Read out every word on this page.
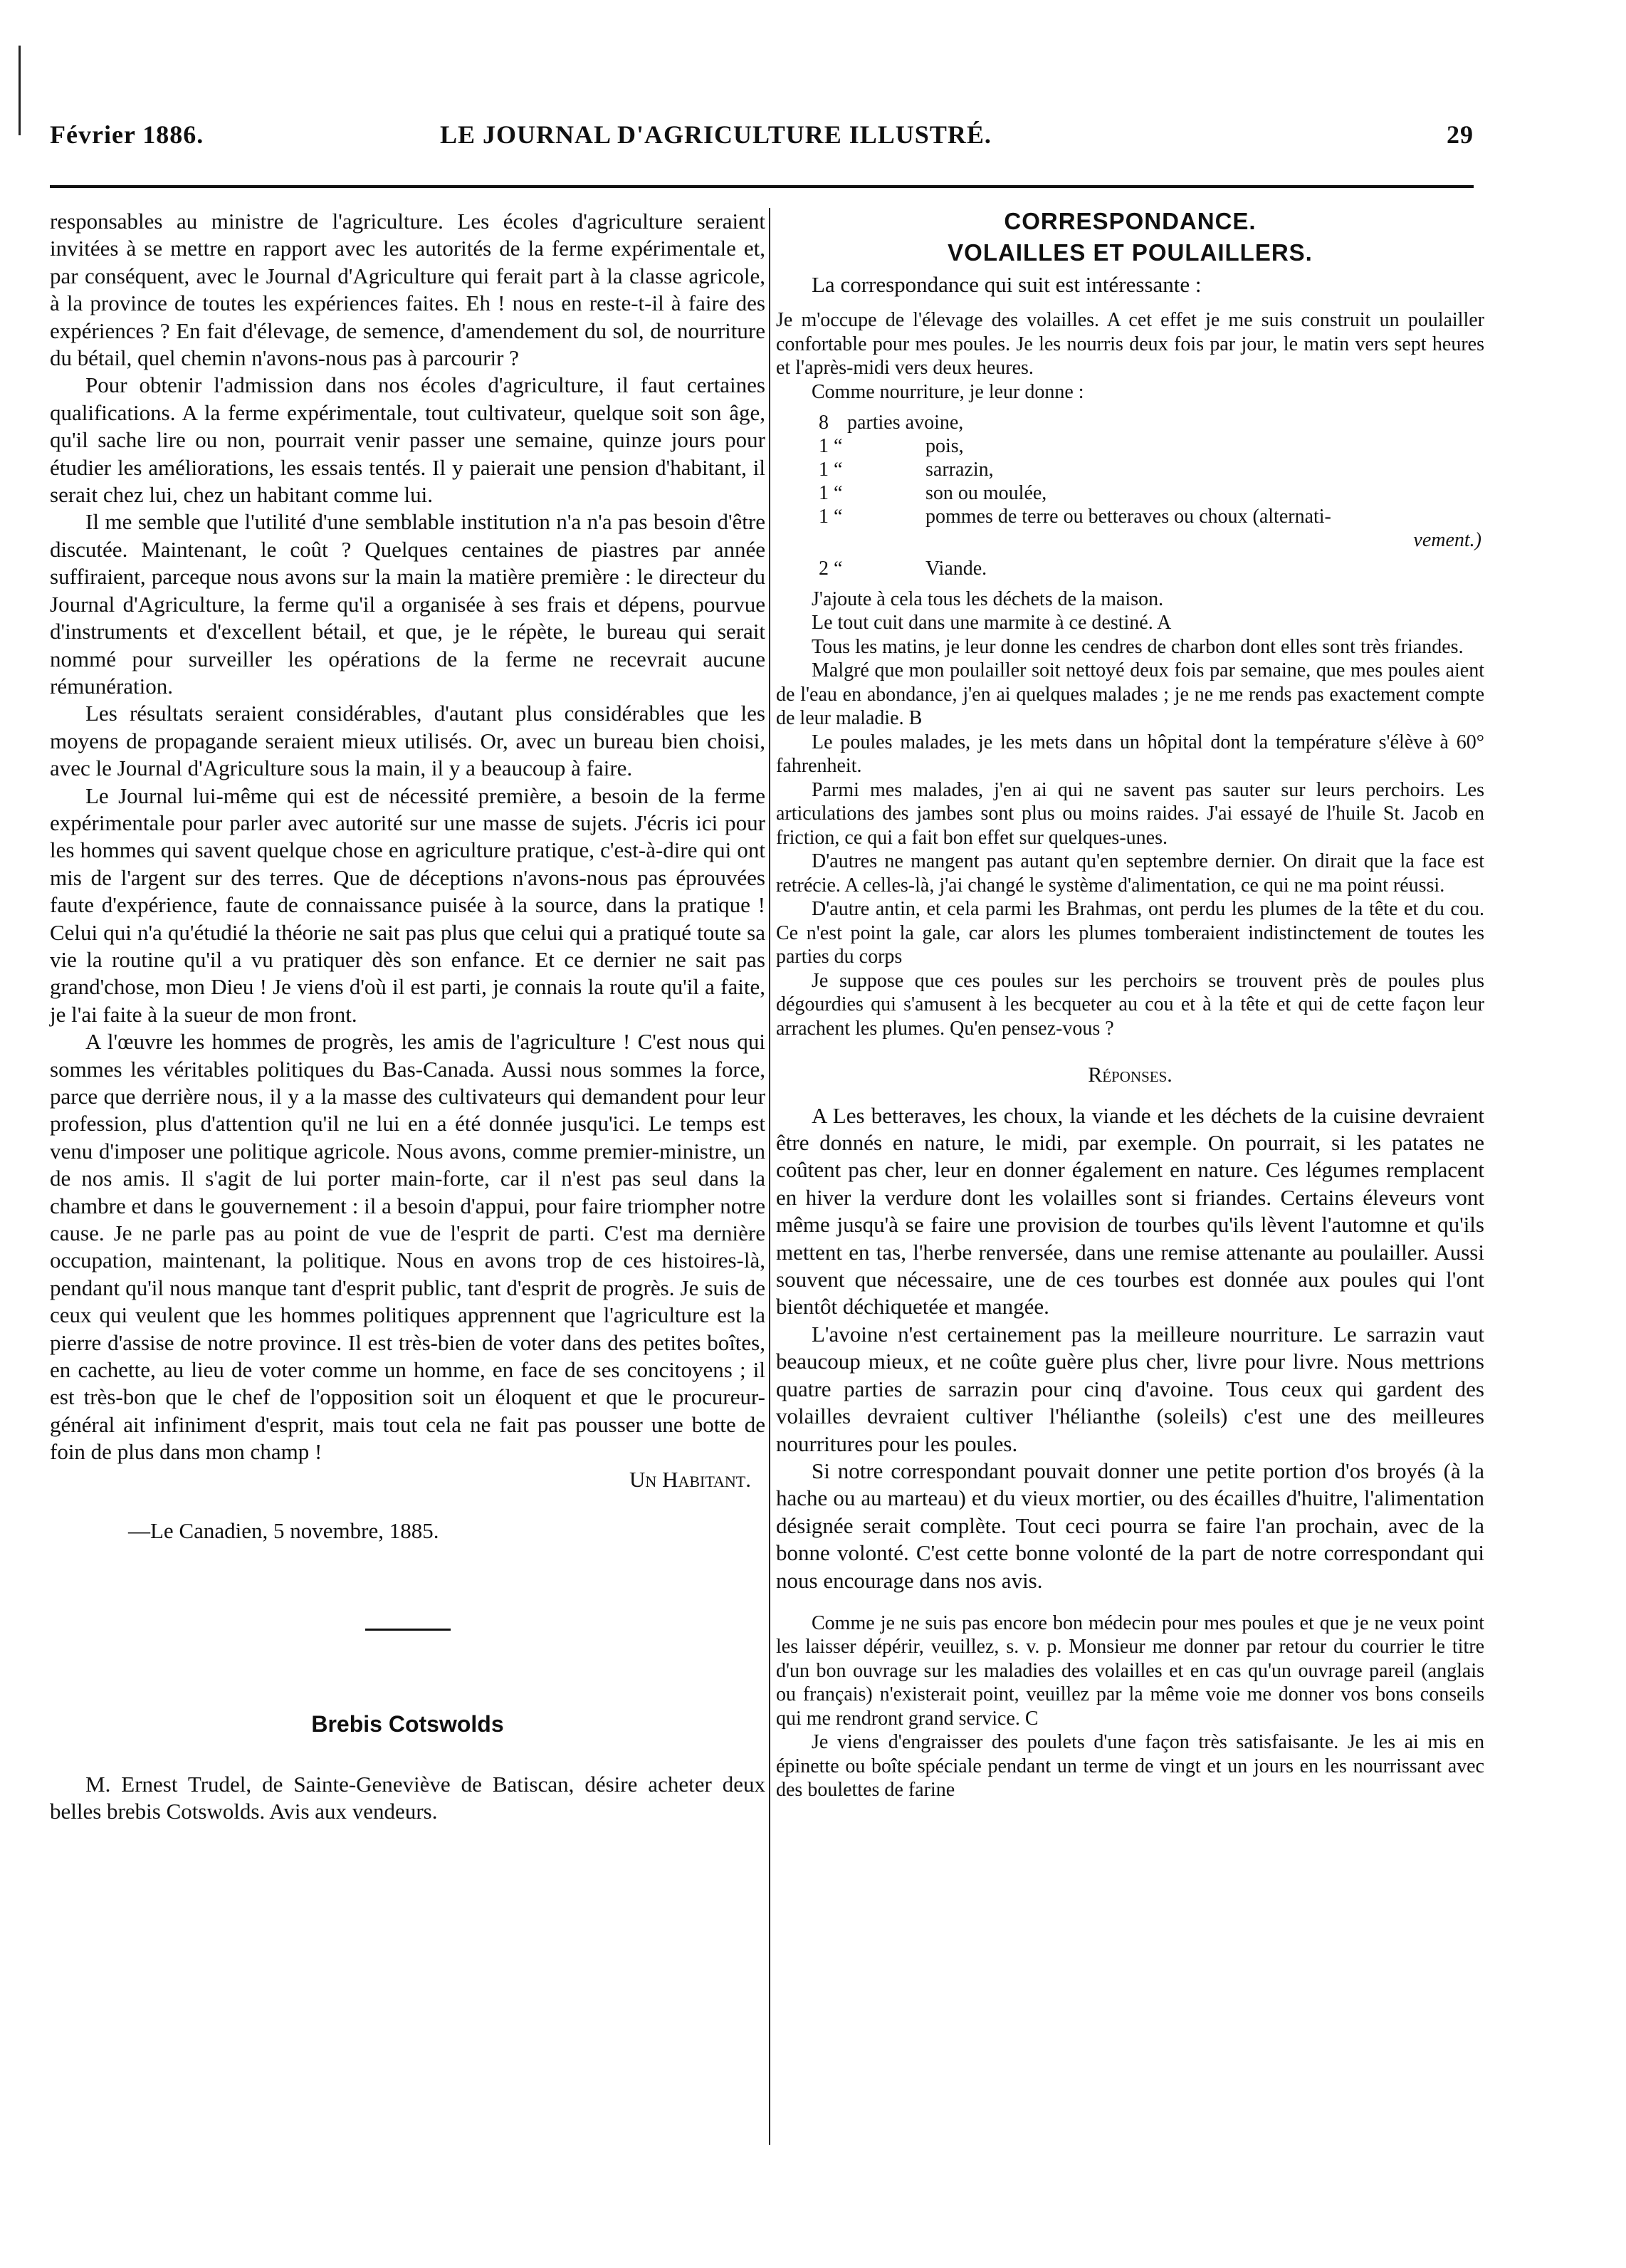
Février 1886.	LE JOURNAL D'AGRICULTURE ILLUSTRÉ.	29

responsables au ministre de l'agriculture. Les écoles d'agriculture seraient invitées à se mettre en rapport avec les autorités de la ferme expérimentale et, par conséquent, avec le Journal d'Agriculture qui ferait part à la classe agricole, à la province de toutes les expériences faites. Eh ! nous en reste-t-il à faire des expériences ? En fait d'élevage, de semence, d'amendement du sol, de nourriture du bétail, quel chemin n'avons-nous pas à parcourir ?

Pour obtenir l'admission dans nos écoles d'agriculture, il faut certaines qualifications. A la ferme expérimentale, tout cultivateur, quelque soit son âge, qu'il sache lire ou non, pourrait venir passer une semaine, quinze jours pour étudier les améliorations, les essais tentés. Il y paierait une pension d'habitant, il serait chez lui, chez un habitant comme lui.

Il me semble que l'utilité d'une semblable institution n'a n'a pas besoin d'être discutée. Maintenant, le coût ? Quelques centaines de piastres par année suffiraient, parceque nous avons sur la main la matière première : le directeur du Journal d'Agriculture, la ferme qu'il a organisée à ses frais et dépens, pourvue d'instruments et d'excellent bétail, et que, je le répète, le bureau qui serait nommé pour surveiller les opérations de la ferme ne recevrait aucune rémunération.

Les résultats seraient considérables, d'autant plus considérables que les moyens de propagande seraient mieux utilisés. Or, avec un bureau bien choisi, avec le Journal d'Agriculture sous la main, il y a beaucoup à faire.

Le Journal lui-même qui est de nécessité première, a besoin de la ferme expérimentale pour parler avec autorité sur une masse de sujets. J'écris ici pour les hommes qui savent quelque chose en agriculture pratique, c'est-à-dire qui ont mis de l'argent sur des terres. Que de déceptions n'avons-nous pas éprouvées faute d'expérience, faute de connaissance puisée à la source, dans la pratique ! Celui qui n'a qu'étudié la théorie ne sait pas plus que celui qui a pratiqué toute sa vie la routine qu'il a vu pratiquer dès son enfance. Et ce dernier ne sait pas grand'chose, mon Dieu ! Je viens d'où il est parti, je connais la route qu'il a faite, je l'ai faite à la sueur de mon front.

A l'œuvre les hommes de progrès, les amis de l'agriculture ! C'est nous qui sommes les véritables politiques du Bas-Canada. Aussi nous sommes la force, parce que derrière nous, il y a la masse des cultivateurs qui demandent pour leur profession, plus d'attention qu'il ne lui en a été donnée jusqu'ici. Le temps est venu d'imposer une politique agricole. Nous avons, comme premier-ministre, un de nos amis. Il s'agit de lui porter main-forte, car il n'est pas seul dans la chambre et dans le gouvernement : il a besoin d'appui, pour faire triompher notre cause. Je ne parle pas au point de vue de l'esprit de parti. C'est ma dernière occupation, maintenant, la politique. Nous en avons trop de ces histoires-là, pendant qu'il nous manque tant d'esprit public, tant d'esprit de progrès. Je suis de ceux qui veulent que les hommes politiques apprennent que l'agriculture est la pierre d'assise de notre province. Il est très-bien de voter dans des petites boîtes, en cachette, au lieu de voter comme un homme, en face de ses concitoyens ; il est très-bon que le chef de l'opposition soit un éloquent et que le procureur-général ait infiniment d'esprit, mais tout cela ne fait pas pousser une botte de foin de plus dans mon champ !

Un Habitant.

—Le Canadien, 5 novembre, 1885.

Brebis Cotswolds

M. Ernest Trudel, de Sainte-Geneviève de Batiscan, désire acheter deux belles brebis Cotswolds. Avis aux vendeurs.

CORRESPONDANCE.
VOLAILLES ET POULAILLERS.

La correspondance qui suit est intéressante :

Je m'occupe de l'élevage des volailles. A cet effet je me suis construit un poulailler confortable pour mes poules. Je les nourris deux fois par jour, le matin vers sept heures et l'après-midi vers deux heures.

Comme nourriture, je leur donne :

8 parties avoine,
1 “	pois,
1 “	sarrazin,
1 “	son ou moulée,
1 “	pommes de terre ou betteraves ou choux (alternati-
vement.)
2 “	Viande.

J'ajoute à cela tous les déchets de la maison.

Le tout cuit dans une marmite à ce destiné. A

Tous les matins, je leur donne les cendres de charbon dont elles sont très friandes.

Malgré que mon poulailler soit nettoyé deux fois par semaine, que mes poules aient de l'eau en abondance, j'en ai quelques malades ; je ne me rends pas exactement compte de leur maladie. B

Le poules malades, je les mets dans un hôpital dont la température s'élève à 60° fahrenheit.

Parmi mes malades, j'en ai qui ne savent pas sauter sur leurs perchoirs. Les articulations des jambes sont plus ou moins raides. J'ai essayé de l'huile St. Jacob en friction, ce qui a fait bon effet sur quelques-unes.

D'autres ne mangent pas autant qu'en septembre dernier. On dirait que la face est retrécie. A celles-là, j'ai changé le système d'alimentation, ce qui ne ma point réussi.

D'autre antin, et cela parmi les Brahmas, ont perdu les plumes de la tête et du cou. Ce n'est point la gale, car alors les plumes tomberaient indistinctement de toutes les parties du corps

Je suppose que ces poules sur les perchoirs se trouvent près de poules plus dégourdies qui s'amusent à les becqueter au cou et à la tête et qui de cette façon leur arrachent les plumes. Qu'en pensez-vous ?

Réponses.

A Les betteraves, les choux, la viande et les déchets de la cuisine devraient être donnés en nature, le midi, par exemple. On pourrait, si les patates ne coûtent pas cher, leur en donner également en nature. Ces légumes remplacent en hiver la verdure dont les volailles sont si friandes. Certains éleveurs vont même jusqu'à se faire une provision de tourbes qu'ils lèvent l'automne et qu'ils mettent en tas, l'herbe renversée, dans une remise attenante au poulailler. Aussi souvent que nécessaire, une de ces tourbes est donnée aux poules qui l'ont bientôt déchiquetée et mangée.

L'avoine n'est certainement pas la meilleure nourriture. Le sarrazin vaut beaucoup mieux, et ne coûte guère plus cher, livre pour livre. Nous mettrions quatre parties de sarrazin pour cinq d'avoine. Tous ceux qui gardent des volailles devraient cultiver l'hélianthe (soleils) c'est une des meilleures nourritures pour les poules.

Si notre correspondant pouvait donner une petite portion d'os broyés (à la hache ou au marteau) et du vieux mortier, ou des écailles d'huitre, l'alimentation désignée serait complète. Tout ceci pourra se faire l'an prochain, avec de la bonne volonté. C'est cette bonne volonté de la part de notre correspondant qui nous encourage dans nos avis.

Comme je ne suis pas encore bon médecin pour mes poules et que je ne veux point les laisser dépérir, veuillez, s. v. p. Monsieur me donner par retour du courrier le titre d'un bon ouvrage sur les maladies des volailles et en cas qu'un ouvrage pareil (anglais ou français) n'existerait point, veuillez par la même voie me donner vos bons conseils qui me rendront grand service. C

Je viens d'engraisser des poulets d'une façon très satisfaisante. Je les ai mis en épinette ou boîte spéciale pendant un terme de vingt et un jours en les nourrissant avec des boulettes de farine
